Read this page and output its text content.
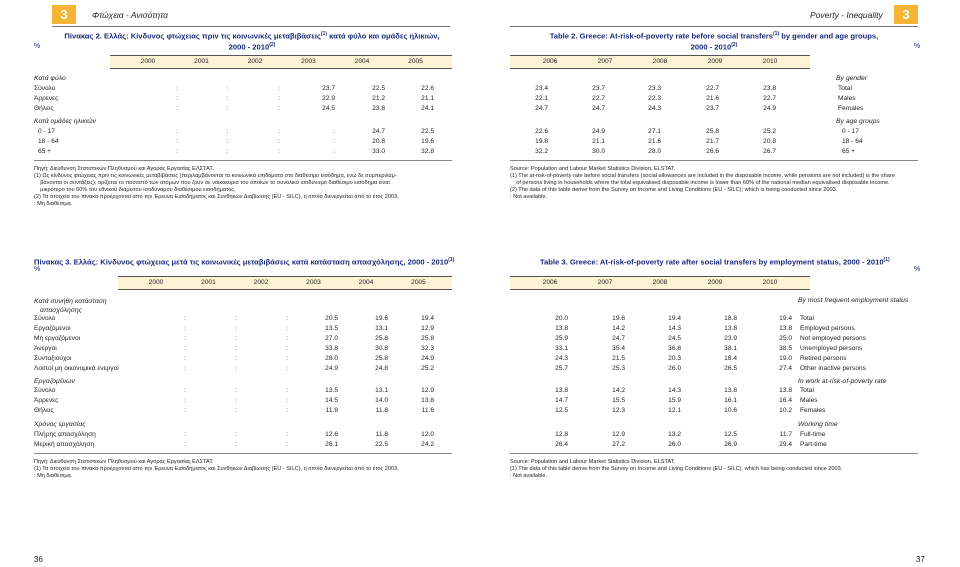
3	Φτώχεια - Ανισότητα	Poverty - Inequality	3
Πίνακας 2. Ελλάς: Κίνδυνος φτώχειας πριν τις κοινωνικές μεταβιβάσεις$^{(1)}$ κατά φύλο και ομάδες ηλικιών,
2000 - 2010$^{(2)}$
%
Table 2. Greece: At-risk-of-poverty rate before social transfers$^{(1)}$ by gender and age groups,
2000 - 2010$^{(2)}$	%
2000	2001	2002	2003	2004	2005	2006	2007	2008	2009	2010
Κατά φύλο	By gender
Σύνολο	:	:	:	23.7	22.5	22.6	23.4	23.7	23.3	22.7	23.8	Total
Άρρενες	:	:	:	22.9	21.2	21.1	22.1	22.7	22.3	21.6	22.7	Males
Θήλεις	:	:	:	24.5	23.8	24.1	24.7	24.7	24.3	23.7	24.9	Females
Κατά ομάδες ηλικιών	By age groups
0 - 17	:	:	:	:	24.7	22.5	22.6	24.9	27.1	25.8	25.2	0 - 17
18 - 64	:	:	:	:	20.8	19.6	19.8	21.1	21.6	21.7	20.8	18 - 64
65 +	:	:	:	:	33.0	32.8	32.2	30.0	28.0	26.6	26.7	65 +
Πηγή: Διεύθυνση Στατιστικών Πληθυσμού και Αγοράς Εργασίας ΕΛΣΤΑΤ.
(1) Ως κίνδυνος φτώχειας πριν τις κοινωνικές μεταβιβάσεις (περιλαμβάνονται τα κοινωνικά επιδόματα στο διαθέσιμο εισόδημα, ενώ δε συμπεριλαμ-
βάνονται οι συντάξεις), ορίζεται το ποσοστό των ατόμων που ζουν σε νοικοκυριά του οποίων το συνολικό ισοδύναμο διαθέσιμο εισόδημα είναι
μικρότερο του 60% του εθνικού διάμεσου ισοδύναμου διαθέσιμου εισοδήματος.
(2) Τα στοιχεία του πίνακα προέρχονται από την Έρευνα Εισοδήματος και Συνθηκών Διαβίωσης (EU - SILC), η οποία διενεργείται από το έτος 2003.
: Μη διαθέσιμα.
Source: Population and Labour Market Statistics Division, ELSTAT.
(1) The at-risk-of-poverty rate before social transfers (social allowances are included in the disposable income, while pensions are not included) is the share
of persons living in households where the total equivalised disposable income is lower than 60% of the national median equivalised disposable income.
(2) The data of this table derive from the Survey on Income and Living Conditions (EU - SILC); which is being conducted since 2003.
: Not available.
Πίνακας 3. Ελλάς: Κίνδυνος φτώχειας μετά τις κοινωνικές μεταβιβάσεις κατά κατάσταση απασχόλησης, 2000 - 2010$^{(1)}$
%
Table 3. Greece: At-risk-of-poverty rate after social transfers by employment status, 2000 - 2010$^{(1)}$
%
2000	2001	2002	2003	2004	2005	2006	2007	2008	2009	2010
Κατά συνήθη κατάσταση
απασχόλησης
By most frequent employment status
Σύνολο	:	:	:	20.5	19.6	19.4	20.0	19.6	19.4	18.8	19.4 Total
Εργαζόμενοι	:	:	:	13.5	13.1	12.9	13.8	14.2	14.3	13.8	13.8 Employed persons
Μη εργαζόμενοι	:	:	:	27.0	25.8	25.8	25.9	24.7	24.5	23.9	25.0 Not employed persons
Άνεργοι	:	:	:	33.8	30.8	32.3	33.1	35.4	36.8	38.1	38.5 Unemployed persons
Συνταξιούχοι	:	:	:	28.0	25.8	24.9	24.3	21.5	20.3	18.4	19.0 Retired persons
Λοιποί μη οικονομικά ενεργοί	:	:	:	24.9	24.8	25.2	25.7	25.3	26.0	26.5	27.4 Other inactive persons
Εργαζομένων	In work at-risk-of-poverty rate
Σύνολο	:	:	:	13.5	13.1	12.9	13.8	14.2	14.3	13.8	13.8 Total
Άρρενες	:	:	:	14.5	14.0	13.8	14.7	15.5	15.9	16.1	16.4 Males
Θήλεις	:	:	:	11.8	11.8	11.6	12.5	12.3	12.1	10.6	10.2 Females
Χρόνος εργασίας	Working time
Πλήρης απασχόληση	:	:	:	12.6	11.8	12.0	12.8	12.9	13.2	12.5	11.7 Full-time
Μερική απασχόληση	:	:	:	26.1	22.5	24.2	26.4	27.2	26.0	26.9	29.4 Part-time
Πηγή: Διεύθυνση Στατιστικών Πληθυσμού και Αγοράς Εργασίας ΕΛΣΤΑΤ.
(1) Τα στοιχεία του πίνακα προέρχονται από την Έρευνα Εισοδήματος και Συνθηκών Διαβίωσης (EU - SILC), η οποία διενεργείται από το έτος 2003.
: Μη διαθέσιμα.
Source: Population and Labour Market Statistics Division, ELSTAT.
(1) The data of this table derive from the Survey on Income and Living Conditions (EU - SILC), which has being conducted since 2003.
: Not available.
36	37
